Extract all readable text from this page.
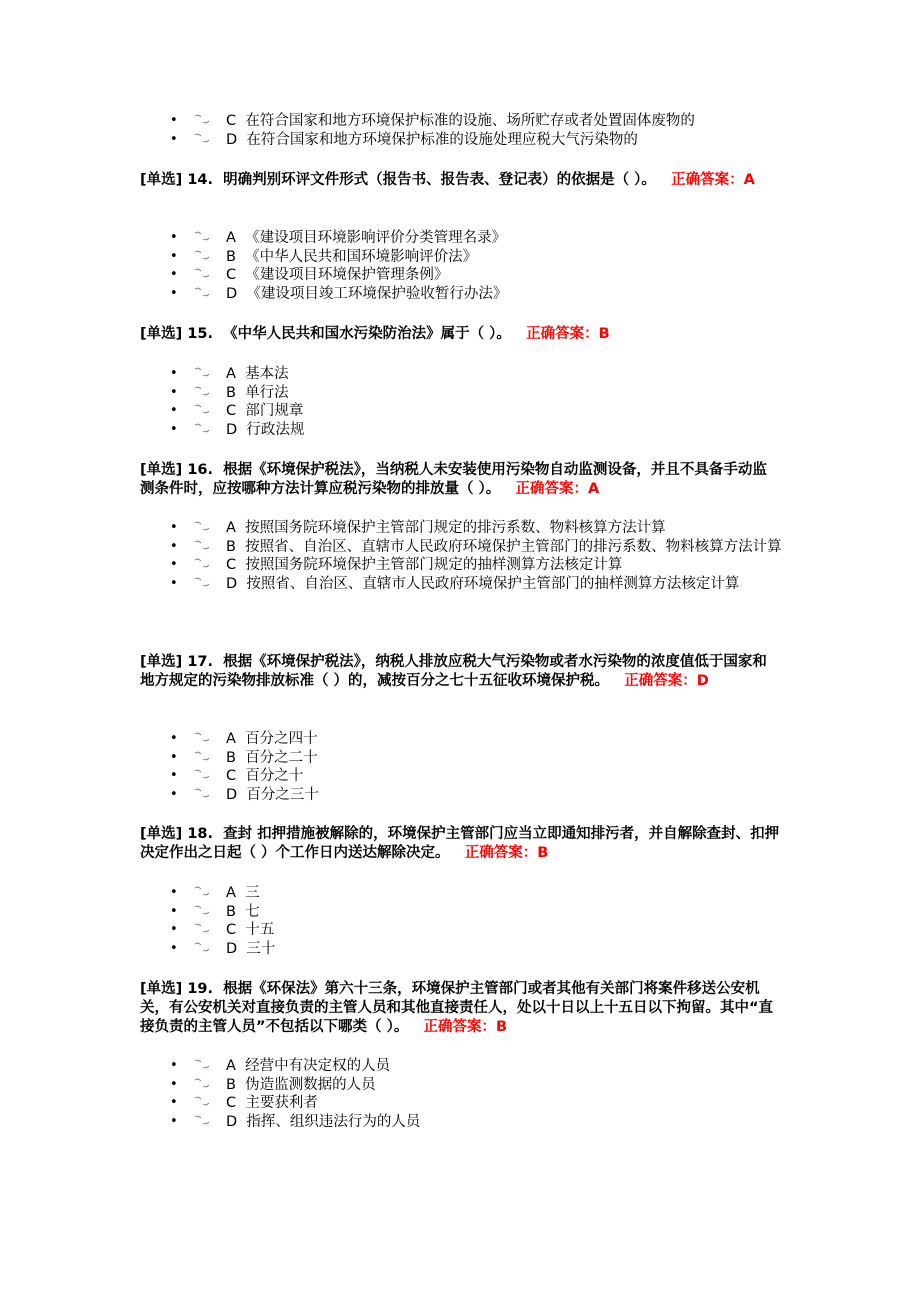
•	C 在符合国家和地方环境保护标准的设施、场所贮存或者处置固体废物的
•	D 在符合国家和地方环境保护标准的设施处理应税大气污染物的

[单选] 14. 明确判别环评文件形式（报告书、报告表、登记表）的依据是（ ）。 正确答案：A

•	A 《建设项目环境影响评价分类管理名录》
•	B 《中华人民共和国环境影响评价法》
•	C 《建设项目环境保护管理条例》
•	D 《建设项目竣工环境保护验收暂行办法》

[单选] 15. 《中华人民共和国水污染防治法》属于（ ）。 正确答案：B

•	A 基本法
•	B 单行法
•	C 部门规章
•	D 行政法规

[单选] 16. 根据《环境保护税法》，当纳税人未安装使用污染物自动监测设备，并且不具备手动监测条件时，应按哪种方法计算应税污染物的排放量（ ）。 正确答案：A

•	A 按照国务院环境保护主管部门规定的排污系数、物料核算方法计算
•	B 按照省、自治区、直辖市人民政府环境保护主管部门的排污系数、物料核算方法计算
•	C 按照国务院环境保护主管部门规定的抽样测算方法核定计算
•	D 按照省、自治区、直辖市人民政府环境保护主管部门的抽样测算方法核定计算

[单选] 17. 根据《环境保护税法》，纳税人排放应税大气污染物或者水污染物的浓度值低于国家和地方规定的污染物排放标准（ ）的，减按百分之七十五征收环境保护税。 正确答案：D

•	A 百分之四十
•	B 百分之二十
•	C 百分之十
•	D 百分之三十

[单选] 18. 查封 扣押措施被解除的，环境保护主管部门应当立即通知排污者，并自解除查封、扣押决定作出之日起（ ）个工作日内送达解除决定。 正确答案：B

•	A 三
•	B 七
•	C 十五
•	D 三十

[单选] 19. 根据《环保法》第六十三条，环境保护主管部门或者其他有关部门将案件移送公安机关，有公安机关对直接负责的主管人员和其他直接责任人，处以十日以上十五日以下拘留。其中“直接负责的主管人员”不包括以下哪类（ ）。 正确答案：B

•	A 经营中有决定权的人员
•	B 伪造监测数据的人员
•	C 主要获利者
•	D 指挥、组织违法行为的人员
